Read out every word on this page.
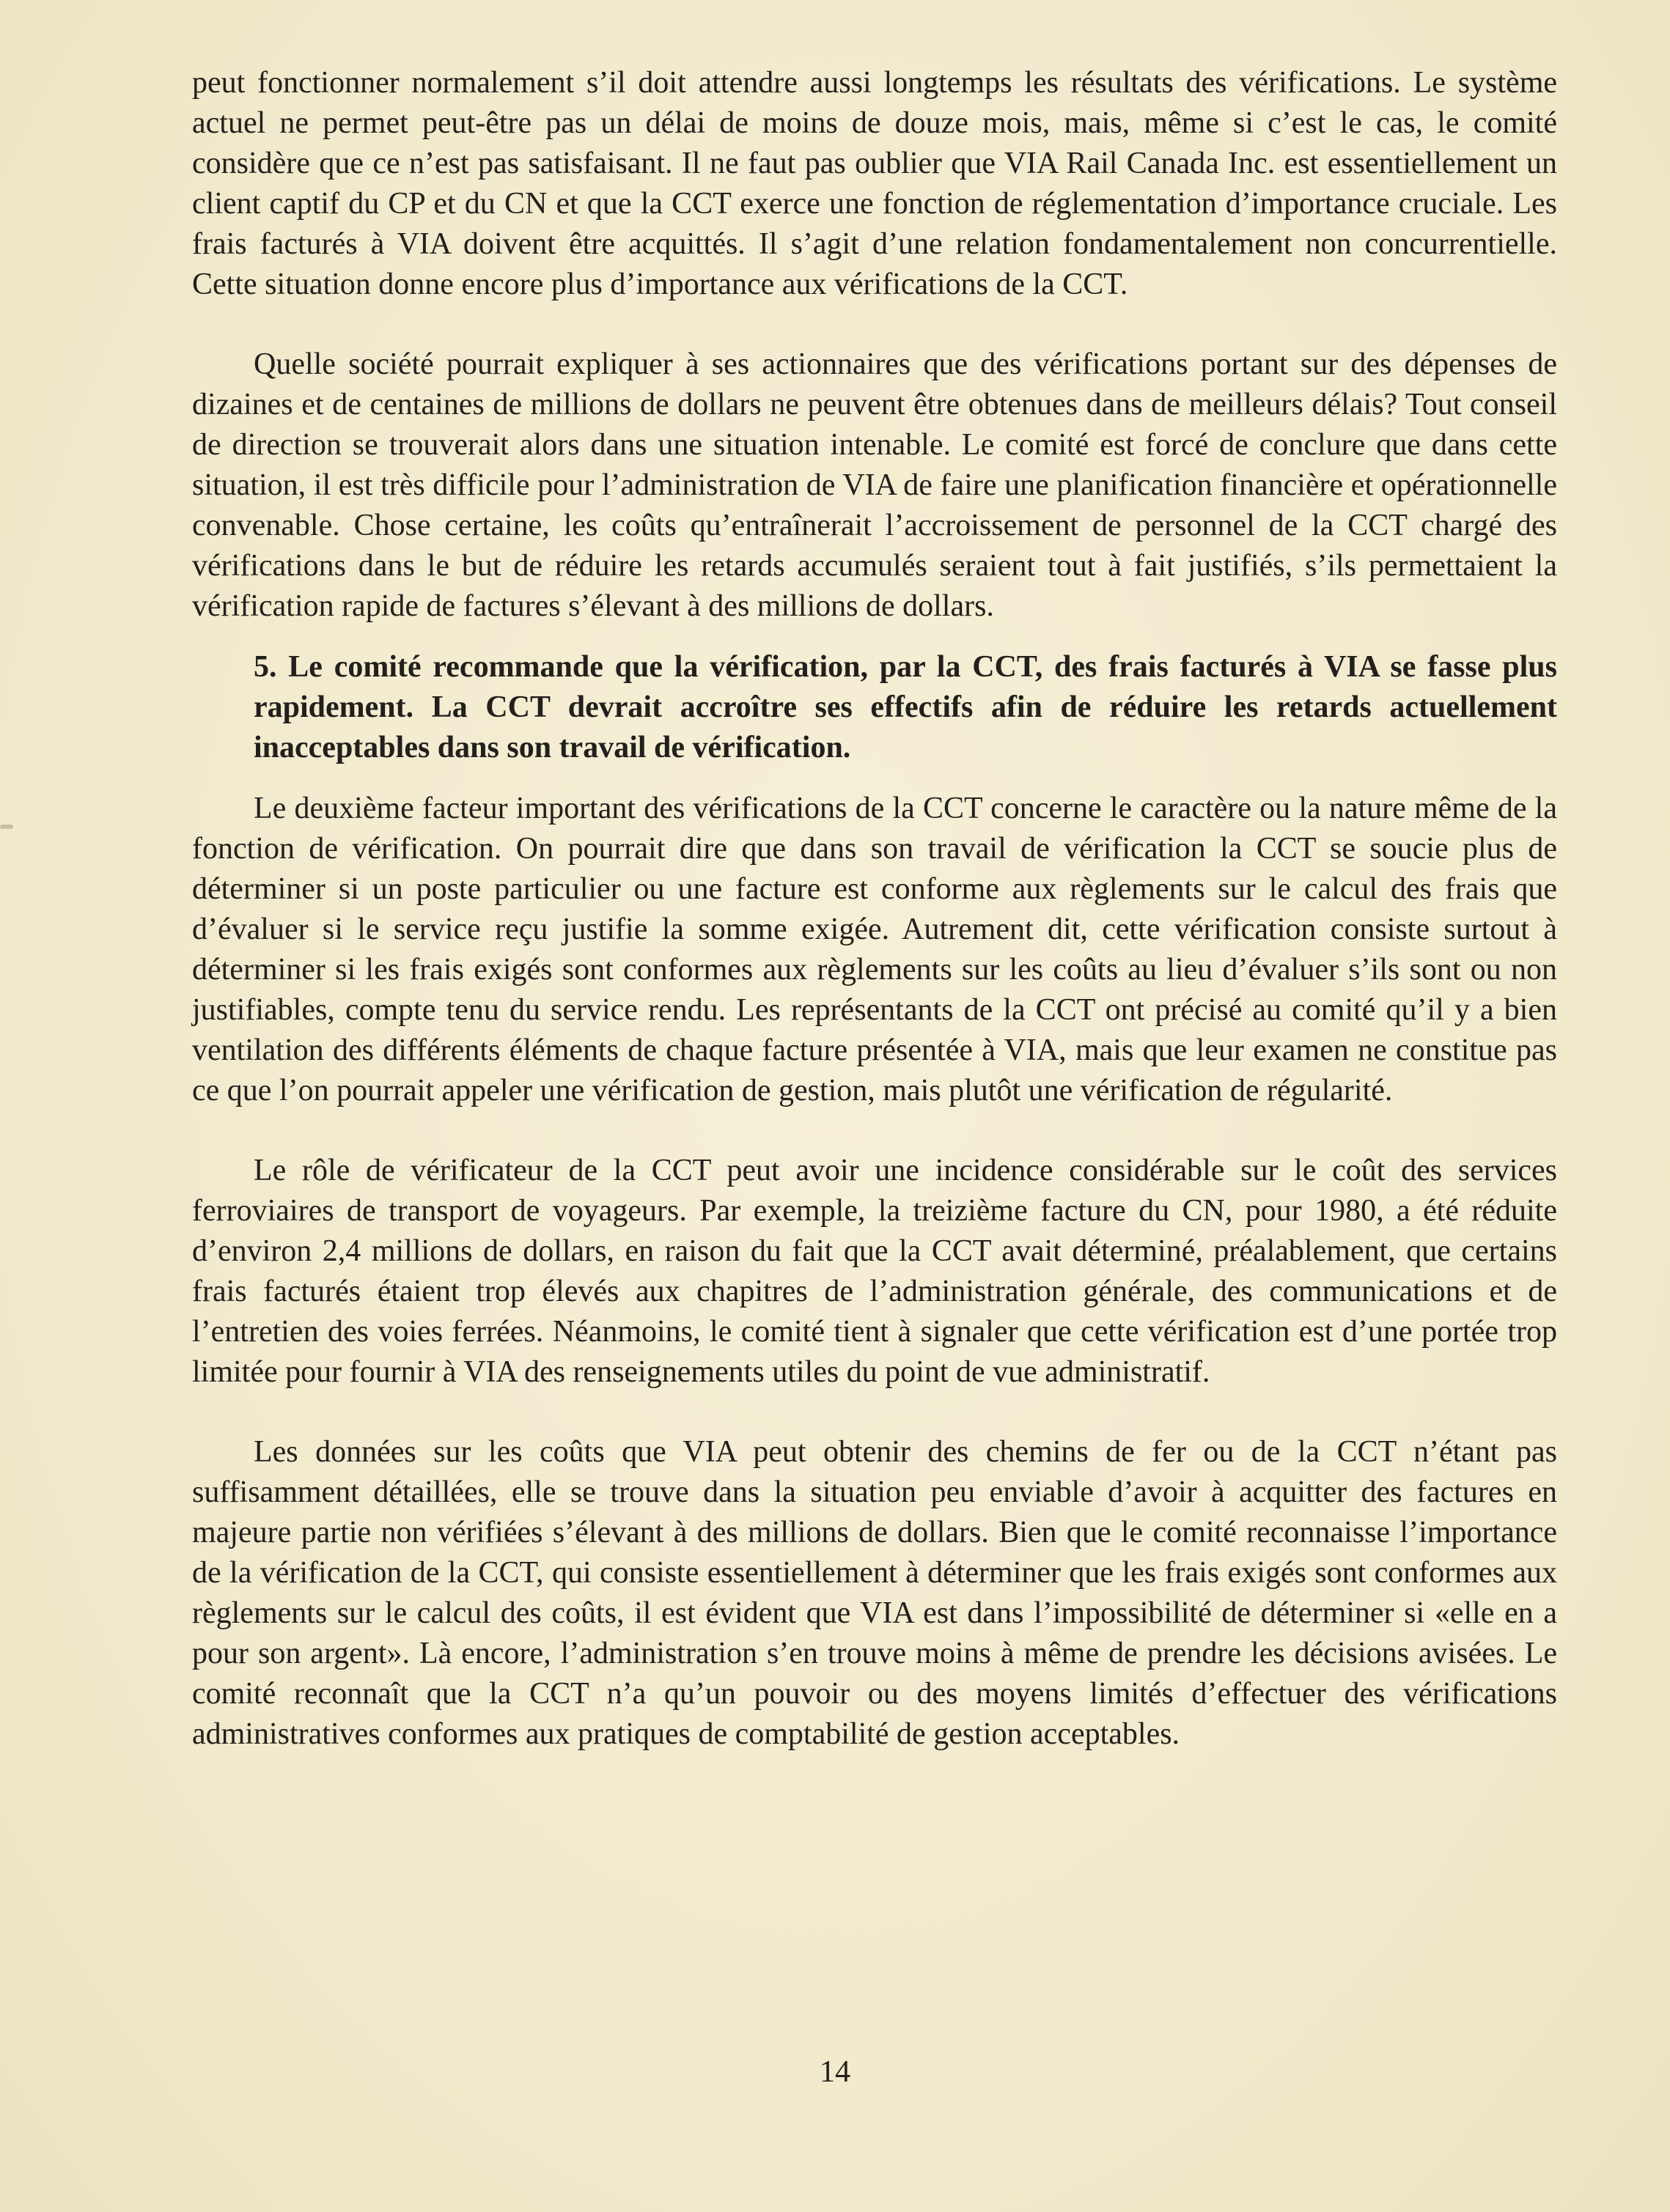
peut fonctionner normalement s’il doit attendre aussi longtemps les résultats des vérifications. Le système actuel ne permet peut-être pas un délai de moins de douze mois, mais, même si c’est le cas, le comité considère que ce n’est pas satisfaisant. Il ne faut pas oublier que VIA Rail Canada Inc. est essentiellement un client captif du CP et du CN et que la CCT exerce une fonction de réglementation d’importance cruciale. Les frais facturés à VIA doivent être acquittés. Il s’agit d’une relation fondamentalement non concurrentielle. Cette situation donne encore plus d’importance aux vérifications de la CCT.

Quelle société pourrait expliquer à ses actionnaires que des vérifications portant sur des dépenses de dizaines et de centaines de millions de dollars ne peuvent être obtenues dans de meilleurs délais? Tout conseil de direction se trouverait alors dans une situation intenable. Le comité est forcé de conclure que dans cette situation, il est très difficile pour l’administration de VIA de faire une planification financière et opérationnelle convenable. Chose certaine, les coûts qu’entraînerait l’accroissement de personnel de la CCT chargé des vérifications dans le but de réduire les retards accumulés seraient tout à fait justifiés, s’ils permettaient la vérification rapide de factures s’élevant à des millions de dollars.

5. Le comité recommande que la vérification, par la CCT, des frais facturés à VIA se fasse plus rapidement. La CCT devrait accroître ses effectifs afin de réduire les retards actuellement inacceptables dans son travail de vérification.

Le deuxième facteur important des vérifications de la CCT concerne le caractère ou la nature même de la fonction de vérification. On pourrait dire que dans son travail de vérification la CCT se soucie plus de déterminer si un poste particulier ou une facture est conforme aux règlements sur le calcul des frais que d’évaluer si le service reçu justifie la somme exigée. Autrement dit, cette vérification consiste surtout à déterminer si les frais exigés sont conformes aux règlements sur les coûts au lieu d’évaluer s’ils sont ou non justifiables, compte tenu du service rendu. Les représentants de la CCT ont précisé au comité qu’il y a bien ventilation des différents éléments de chaque facture présentée à VIA, mais que leur examen ne constitue pas ce que l’on pourrait appeler une vérification de gestion, mais plutôt une vérification de régularité.

Le rôle de vérificateur de la CCT peut avoir une incidence considérable sur le coût des services ferroviaires de transport de voyageurs. Par exemple, la treizième facture du CN, pour 1980, a été réduite d’environ 2,4 millions de dollars, en raison du fait que la CCT avait déterminé, préalablement, que certains frais facturés étaient trop élevés aux chapitres de l’administration générale, des communications et de l’entretien des voies ferrées. Néanmoins, le comité tient à signaler que cette vérification est d’une portée trop limitée pour fournir à VIA des renseignements utiles du point de vue administratif.

Les données sur les coûts que VIA peut obtenir des chemins de fer ou de la CCT n’étant pas suffisamment détaillées, elle se trouve dans la situation peu enviable d’avoir à acquitter des factures en majeure partie non vérifiées s’élevant à des millions de dollars. Bien que le comité reconnaisse l’importance de la vérification de la CCT, qui consiste essentiellement à déterminer que les frais exigés sont conformes aux règlements sur le calcul des coûts, il est évident que VIA est dans l’impossibilité de déterminer si «elle en a pour son argent». Là encore, l’administration s’en trouve moins à même de prendre les décisions avisées. Le comité reconnaît que la CCT n’a qu’un pouvoir ou des moyens limités d’effectuer des vérifications administratives conformes aux pratiques de comptabilité de gestion acceptables.

14
